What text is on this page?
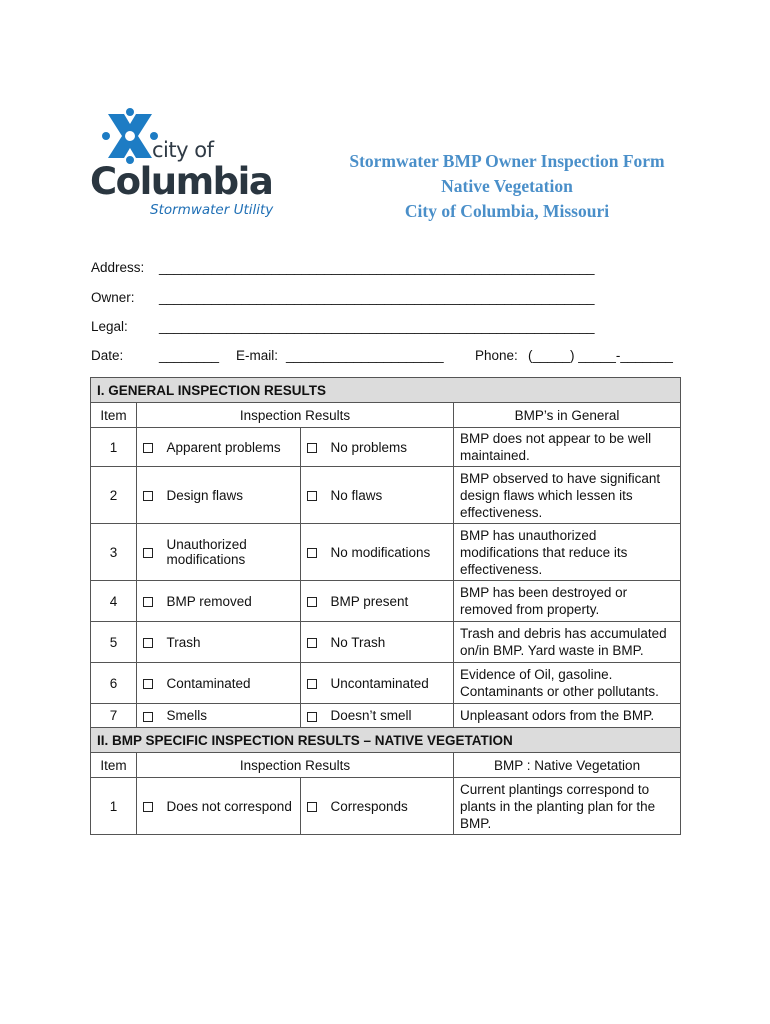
city of
Columbia
Stormwater Utility
Stormwater BMP Owner Inspection Form
Native Vegetation
City of Columbia, Missouri
Address: __________________________________________________________
Owner: __________________________________________________________
Legal: __________________________________________________________
Date:	________ E-mail: _____________________ Phone: (_____) _____-_______
I. GENERAL INSPECTION RESULTS					
Item	Inspection Results				BMP’s in General
1		Apparent problems		No problems	BMP does not appear to be well maintained.
2		Design flaws		No flaws	BMP observed to have significant design flaws which lessen its effectiveness.
3		Unauthorized modifications		No modifications	BMP has unauthorized modifications that reduce its effectiveness.
4		BMP removed		BMP present	BMP has been destroyed or removed from property.
5		Trash		No Trash	Trash and debris has accumulated on/in BMP. Yard waste in BMP.
6		Contaminated		Uncontaminated	Evidence of Oil, gasoline. Contaminants or other pollutants.
7		Smells		Doesn’t smell	Unpleasant odors from the BMP.
II. BMP SPECIFIC INSPECTION RESULTS – NATIVE VEGETATION					
Item	Inspection Results				BMP : Native Vegetation
1		Does not correspond		Corresponds	Current plantings correspond to plants in the planting plan for the BMP.
